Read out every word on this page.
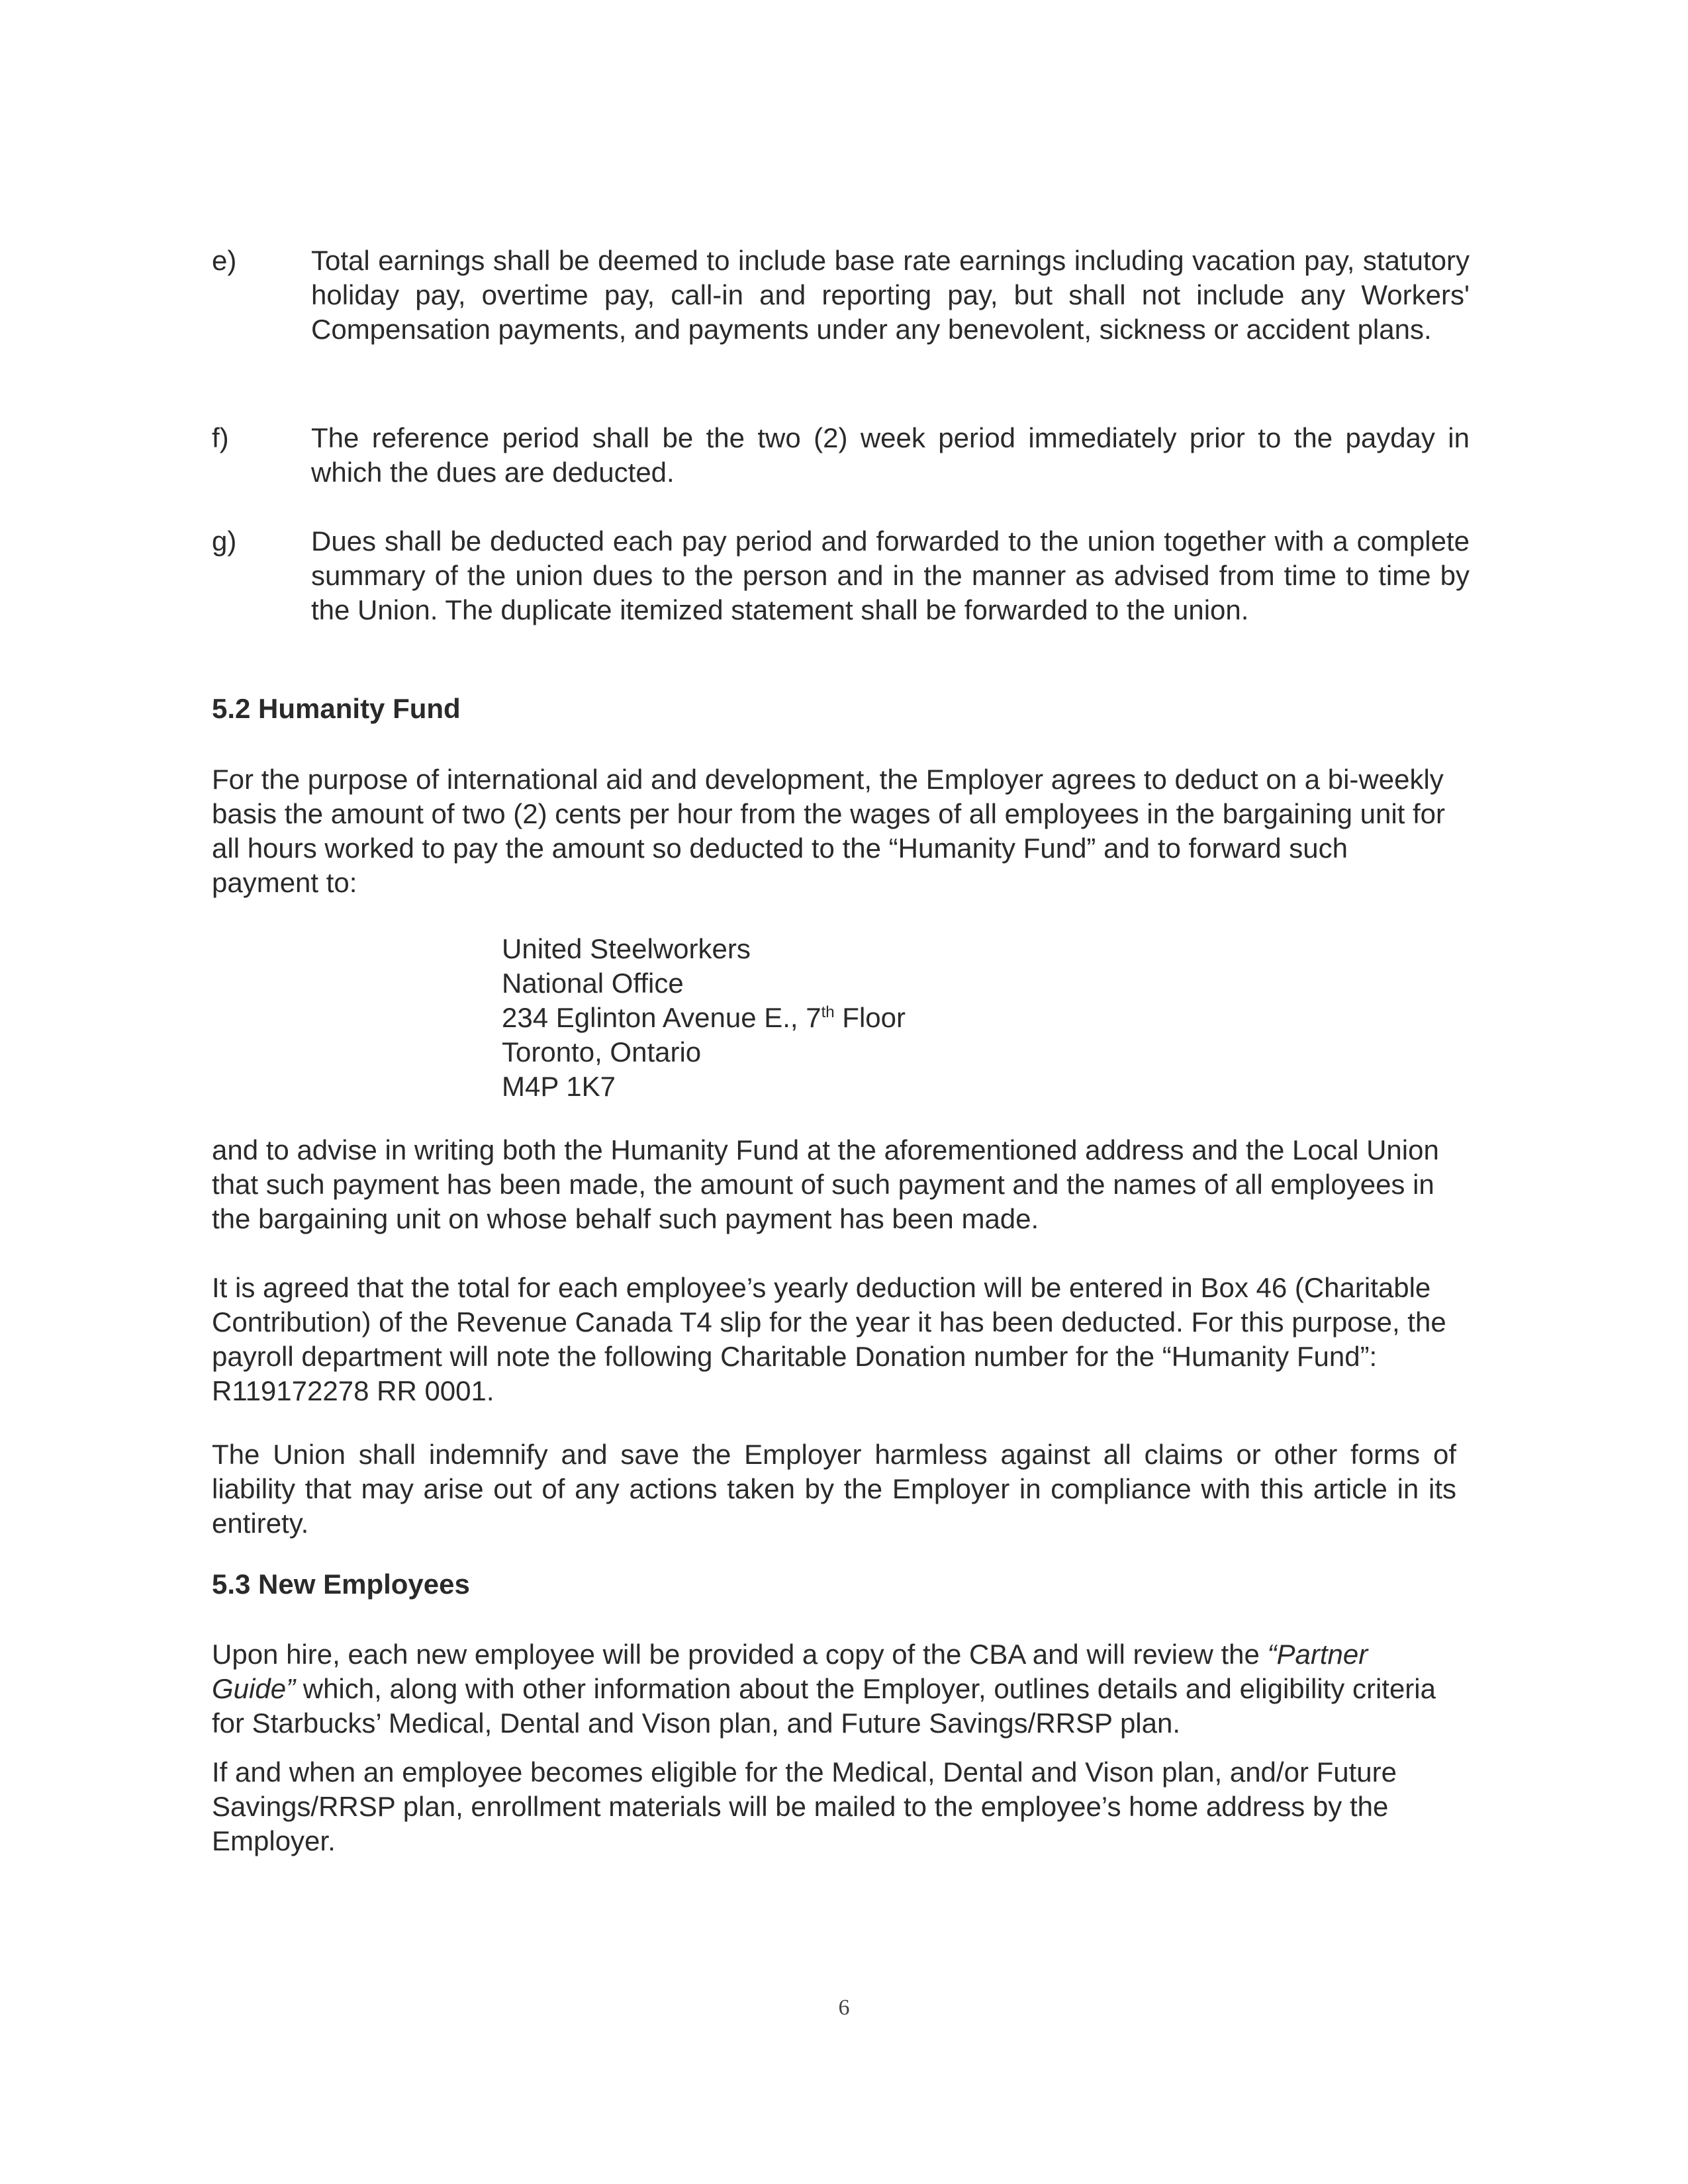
e)	Total earnings shall be deemed to include base rate earnings including vacation pay, statutory holiday pay, overtime pay, call-in and reporting pay, but shall not include any Workers' Compensation payments, and payments under any benevolent, sickness or accident plans.
f)	The reference period shall be the two (2) week period immediately prior to the payday in which the dues are deducted.
g)	Dues shall be deducted each pay period and forwarded to the union together with a complete summary of the union dues to the person and in the manner as advised from time to time by the Union. The duplicate itemized statement shall be forwarded to the union.
5.2 Humanity Fund
For the purpose of international aid and development, the Employer agrees to deduct on a bi-weekly basis the amount of two (2) cents per hour from the wages of all employees in the bargaining unit for all hours worked to pay the amount so deducted to the “Humanity Fund” and to forward such payment to:
United Steelworkers
National Office
234 Eglinton Avenue E., 7th Floor
Toronto, Ontario
M4P 1K7
and to advise in writing both the Humanity Fund at the aforementioned address and the Local Union that such payment has been made, the amount of such payment and the names of all employees in the bargaining unit on whose behalf such payment has been made.
It is agreed that the total for each employee’s yearly deduction will be entered in Box 46 (Charitable Contribution) of the Revenue Canada T4 slip for the year it has been deducted. For this purpose, the payroll department will note the following Charitable Donation number for the “Humanity Fund”: R119172278 RR 0001.
The Union shall indemnify and save the Employer harmless against all claims or other forms of liability that may arise out of any actions taken by the Employer in compliance with this article in its entirety.
5.3 New Employees
Upon hire, each new employee will be provided a copy of the CBA and will review the “Partner Guide” which, along with other information about the Employer, outlines details and eligibility criteria for Starbucks’ Medical, Dental and Vison plan, and Future Savings/RRSP plan.
If and when an employee becomes eligible for the Medical, Dental and Vison plan, and/or Future Savings/RRSP plan, enrollment materials will be mailed to the employee’s home address by the Employer.
6
